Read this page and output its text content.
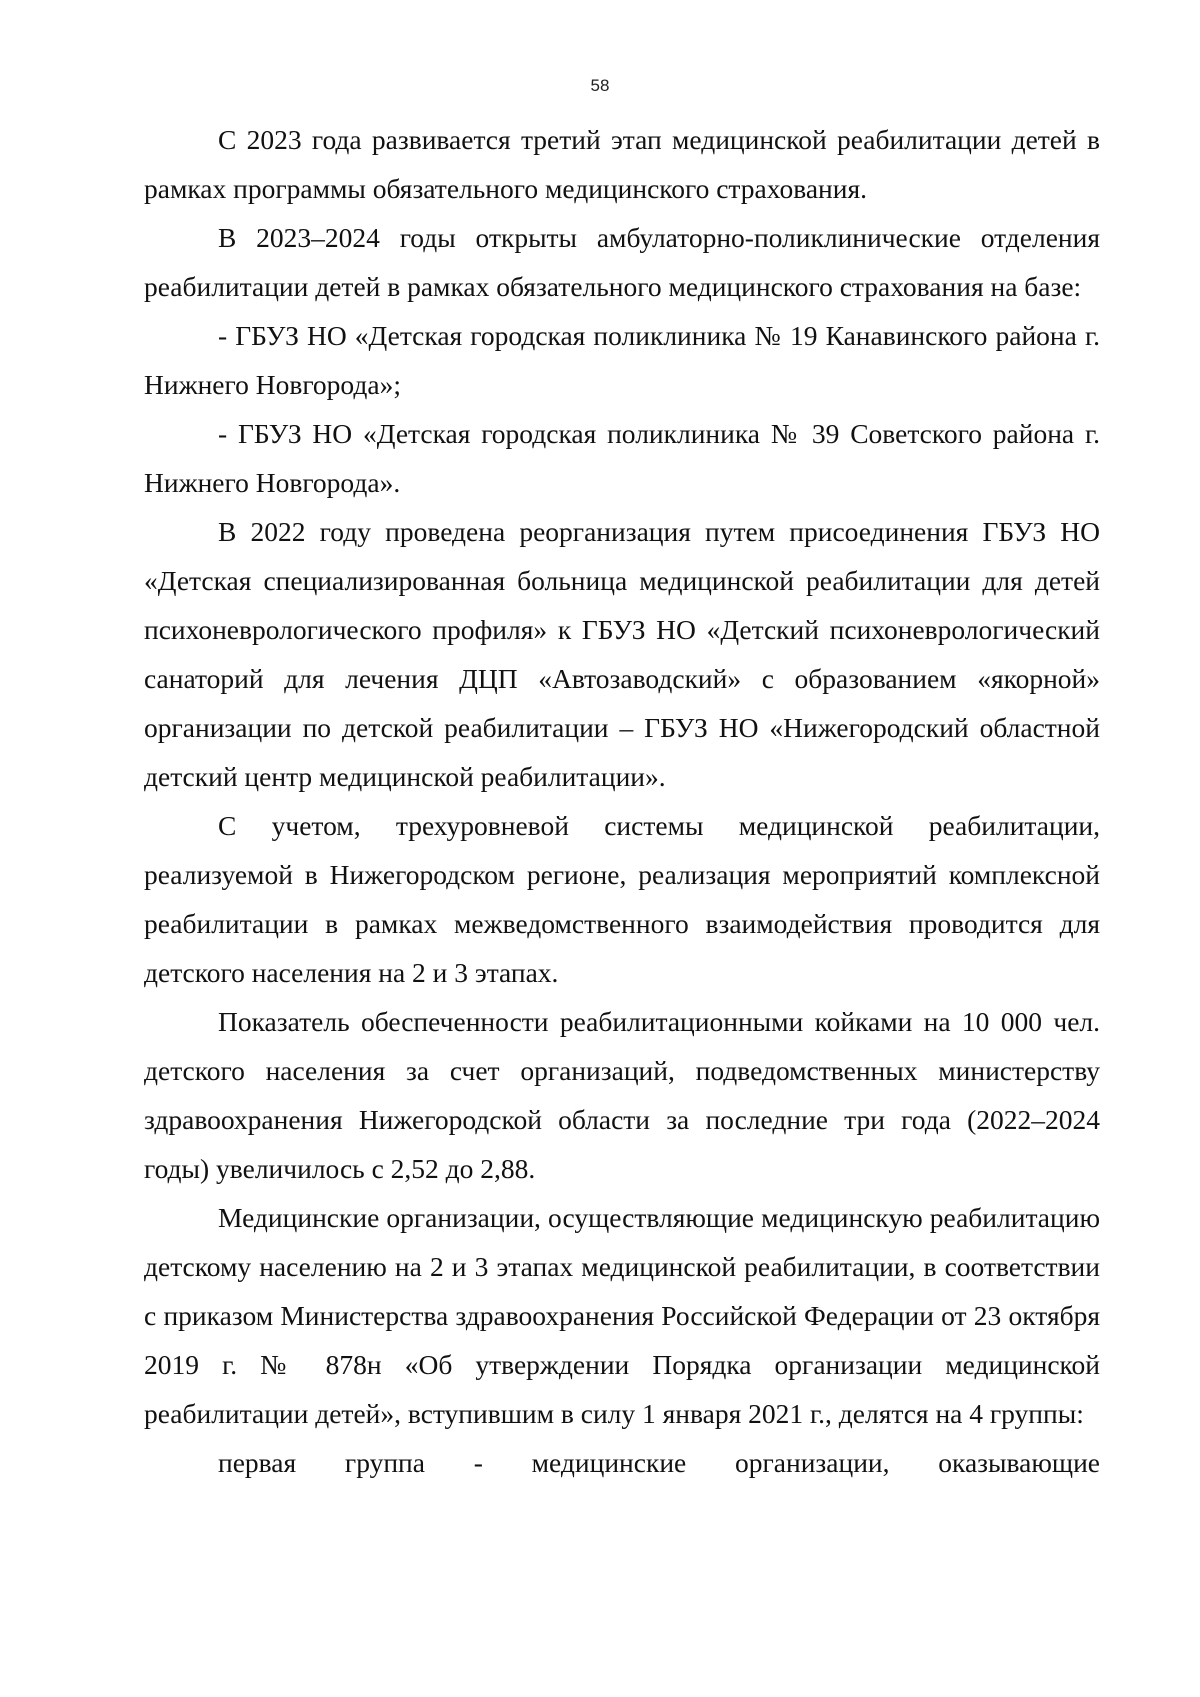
58

С 2023 года развивается третий этап медицинской реабилитации детей в рамках программы обязательного медицинского страхования.

В 2023–2024 годы открыты амбулаторно-поликлинические отделения реабилитации детей в рамках обязательного медицинского страхования на базе:

- ГБУЗ НО «Детская городская поликлиника № 19 Канавинского района г. Нижнего Новгорода»;

- ГБУЗ НО «Детская городская поликлиника № 39 Советского района г. Нижнего Новгорода».

В 2022 году проведена реорганизация путем присоединения ГБУЗ НО «Детская специализированная больница медицинской реабилитации для детей психоневрологического профиля» к ГБУЗ НО «Детский психоневрологический санаторий для лечения ДЦП «Автозаводский» с образованием «якорной» организации по детской реабилитации – ГБУЗ НО «Нижегородский областной детский центр медицинской реабилитации».

С учетом, трехуровневой системы медицинской реабилитации, реализуемой в Нижегородском регионе, реализация мероприятий комплексной реабилитации в рамках межведомственного взаимодействия проводится для детского населения на 2 и 3 этапах.

Показатель обеспеченности реабилитационными койками на 10 000 чел. детского населения за счет организаций, подведомственных министерству здравоохранения Нижегородской области за последние три года (2022–2024 годы) увеличилось с 2,52 до 2,88.

Медицинские организации, осуществляющие медицинскую реабилитацию детскому населению на 2 и 3 этапах медицинской реабилитации, в соответствии с приказом Министерства здравоохранения Российской Федерации от 23 октября 2019 г. № 878н «Об утверждении Порядка организации медицинской реабилитации детей», вступившим в силу 1 января 2021 г., делятся на 4 группы:

первая группа - медицинские организации, оказывающие
